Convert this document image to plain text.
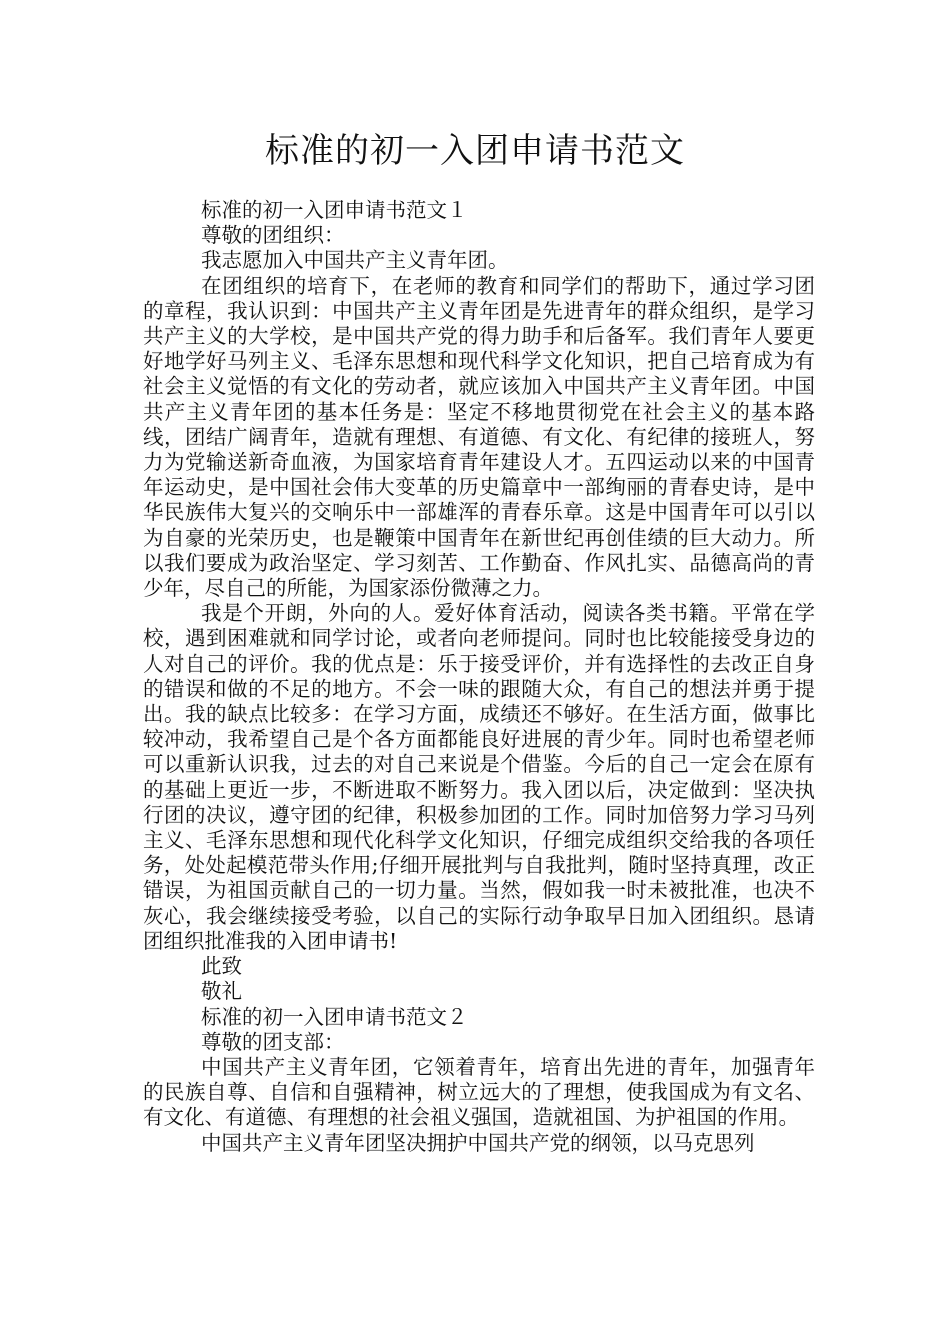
标准的初一入团申请书范文

标准的初一入团申请书范文１

尊敬的团组织：

我志愿加入中国共产主义青年团。

在团组织的培育下，在老师的教育和同学们的帮助下，通过学习团的章程，我认识到：中国共产主义青年团是先进青年的群众组织，是学习共产主义的大学校，是中国共产党的得力助手和后备军。我们青年人要更好地学好马列主义、毛泽东思想和现代科学文化知识，把自己培育成为有社会主义觉悟的有文化的劳动者，就应该加入中国共产主义青年团。中国共产主义青年团的基本任务是：坚定不移地贯彻党在社会主义的基本路线，团结广阔青年，造就有理想、有道德、有文化、有纪律的接班人，努力为党输送新奇血液，为国家培育青年建设人才。五四运动以来的中国青年运动史，是中国社会伟大变革的历史篇章中一部绚丽的青春史诗，是中华民族伟大复兴的交响乐中一部雄浑的青春乐章。这是中国青年可以引以为自豪的光荣历史，也是鞭策中国青年在新世纪再创佳绩的巨大动力。所以我们要成为政治坚定、学习刻苦、工作勤奋、作风扎实、品德高尚的青少年，尽自己的所能，为国家添份微薄之力。

我是个开朗，外向的人。爱好体育活动，阅读各类书籍。平常在学校，遇到困难就和同学讨论，或者向老师提问。同时也比较能接受身边的人对自己的评价。我的优点是：乐于接受评价，并有选择性的去改正自身的错误和做的不足的地方。不会一味的跟随大众，有自己的想法并勇于提出。我的缺点比较多：在学习方面，成绩还不够好。在生活方面，做事比较冲动，我希望自己是个各方面都能良好进展的青少年。同时也希望老师可以重新认识我，过去的对自己来说是个借鉴。今后的自己一定会在原有的基础上更近一步，不断进取不断努力。我入团以后，决定做到：坚决执行团的决议，遵守团的纪律，积极参加团的工作。同时加倍努力学习马列主义、毛泽东思想和现代化科学文化知识，仔细完成组织交给我的各项任务，处处起模范带头作用;仔细开展批判与自我批判，随时坚持真理，改正错误，为祖国贡献自己的一切力量。当然，假如我一时未被批准，也决不灰心，我会继续接受考验，以自己的实际行动争取早日加入团组织。恳请团组织批准我的入团申请书!

此致

敬礼

标准的初一入团申请书范文２

尊敬的团支部：

中国共产主义青年团，它领着青年，培育出先进的青年，加强青年的民族自尊、自信和自强精神，树立远大的了理想，使我国成为有文名、有文化、有道德、有理想的社会祖义强国，造就祖国、为护祖国的作用。

中国共产主义青年团坚决拥护中国共产党的纲领，以马克思列
